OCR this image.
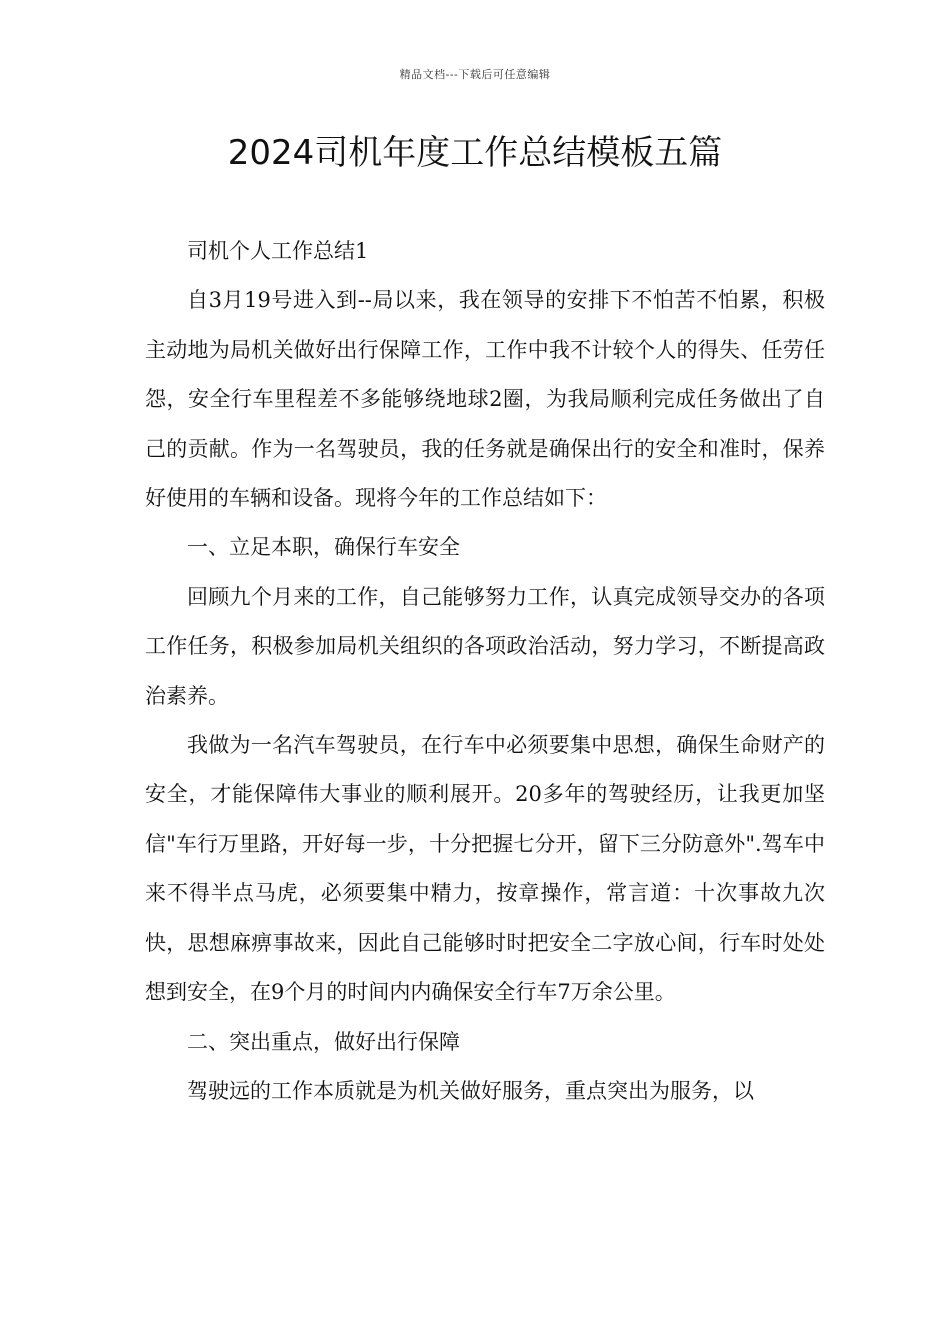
精品文档---下载后可任意编辑
2024司机年度工作总结模板五篇

司机个人工作总结1

自3月19号进入到--局以来，我在领导的安排下不怕苦不怕累，积极主动地为局机关做好出行保障工作，工作中我不计较个人的得失、任劳任怨，安全行车里程差不多能够绕地球2圈，为我局顺利完成任务做出了自己的贡献。作为一名驾驶员，我的任务就是确保出行的安全和准时，保养好使用的车辆和设备。现将今年的工作总结如下：

一、立足本职，确保行车安全

回顾九个月来的工作，自己能够努力工作，认真完成领导交办的各项工作任务，积极参加局机关组织的各项政治活动，努力学习，不断提高政治素养。

我做为一名汽车驾驶员，在行车中必须要集中思想，确保生命财产的安全，才能保障伟大事业的顺利展开。20多年的驾驶经历，让我更加坚信"车行万里路，开好每一步，十分把握七分开，留下三分防意外".驾车中来不得半点马虎，必须要集中精力，按章操作，常言道：十次事故九次快，思想麻痹事故来，因此自己能够时时把安全二字放心间，行车时处处想到安全，在9个月的时间内内确保安全行车7万余公里。

二、突出重点，做好出行保障

驾驶远的工作本质就是为机关做好服务，重点突出为服务，以
